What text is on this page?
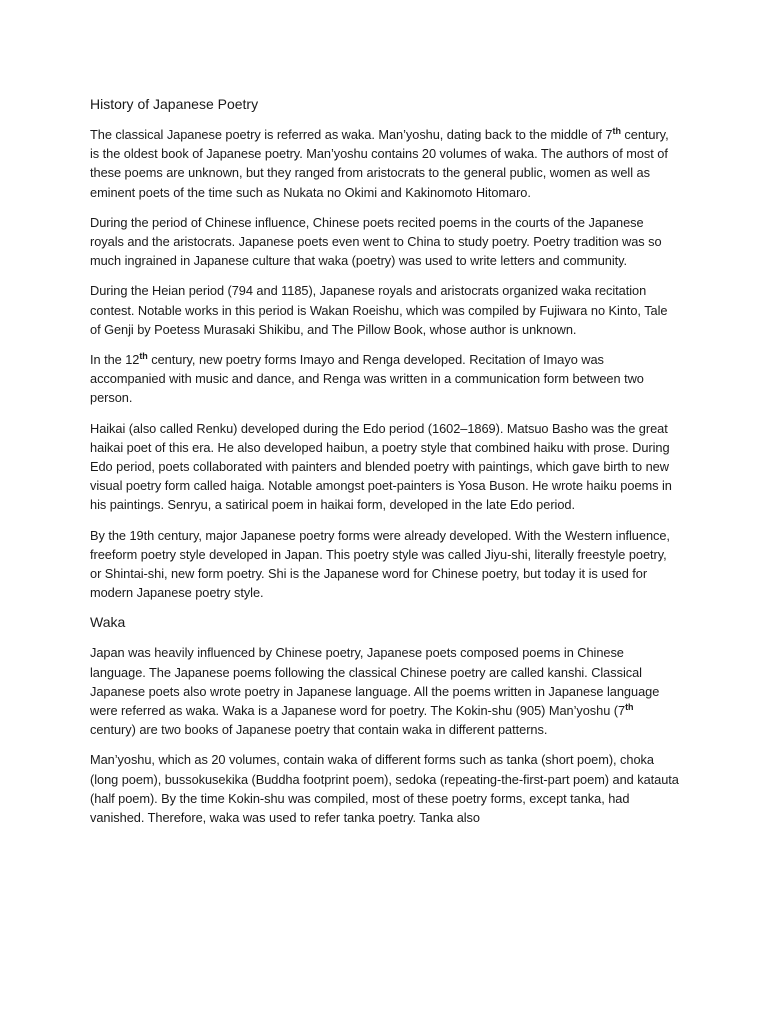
History of Japanese Poetry

The classical Japanese poetry is referred as waka. Man’yoshu, dating back to the middle of 7th century, is the oldest book of Japanese poetry. Man’yoshu contains 20 volumes of waka. The authors of most of these poems are unknown, but they ranged from aristocrats to the general public, women as well as eminent poets of the time such as Nukata no Okimi and Kakinomoto Hitomaro.

During the period of Chinese influence, Chinese poets recited poems in the courts of the Japanese royals and the aristocrats. Japanese poets even went to China to study poetry. Poetry tradition was so much ingrained in Japanese culture that waka (poetry) was used to write letters and community.

During the Heian period (794 and 1185), Japanese royals and aristocrats organized waka recitation contest. Notable works in this period is Wakan Roeishu, which was compiled by Fujiwara no Kinto, Tale of Genji by Poetess Murasaki Shikibu, and The Pillow Book, whose author is unknown.

In the 12th century, new poetry forms Imayo and Renga developed. Recitation of Imayo was accompanied with music and dance, and Renga was written in a communication form between two person.

Haikai (also called Renku) developed during the Edo period (1602–1869). Matsuo Basho was the great haikai poet of this era. He also developed haibun, a poetry style that combined haiku with prose. During Edo period, poets collaborated with painters and blended poetry with paintings, which gave birth to new visual poetry form called haiga. Notable amongst poet-painters is Yosa Buson. He wrote haiku poems in his paintings. Senryu, a satirical poem in haikai form, developed in the late Edo period.

By the 19th century, major Japanese poetry forms were already developed. With the Western influence, freeform poetry style developed in Japan. This poetry style was called Jiyu-shi, literally freestyle poetry, or Shintai-shi, new form poetry. Shi is the Japanese word for Chinese poetry, but today it is used for modern Japanese poetry style.

Waka

Japan was heavily influenced by Chinese poetry, Japanese poets composed poems in Chinese language. The Japanese poems following the classical Chinese poetry are called kanshi. Classical Japanese poets also wrote poetry in Japanese language. All the poems written in Japanese language were referred as waka. Waka is a Japanese word for poetry. The Kokin-shu (905) Man’yoshu (7th century) are two books of Japanese poetry that contain waka in different patterns.

Man’yoshu, which as 20 volumes, contain waka of different forms such as tanka (short poem), choka (long poem), bussokusekika (Buddha footprint poem), sedoka (repeating-the-first-part poem) and katauta (half poem). By the time Kokin-shu was compiled, most of these poetry forms, except tanka, had vanished. Therefore, waka was used to refer tanka poetry. Tanka also
